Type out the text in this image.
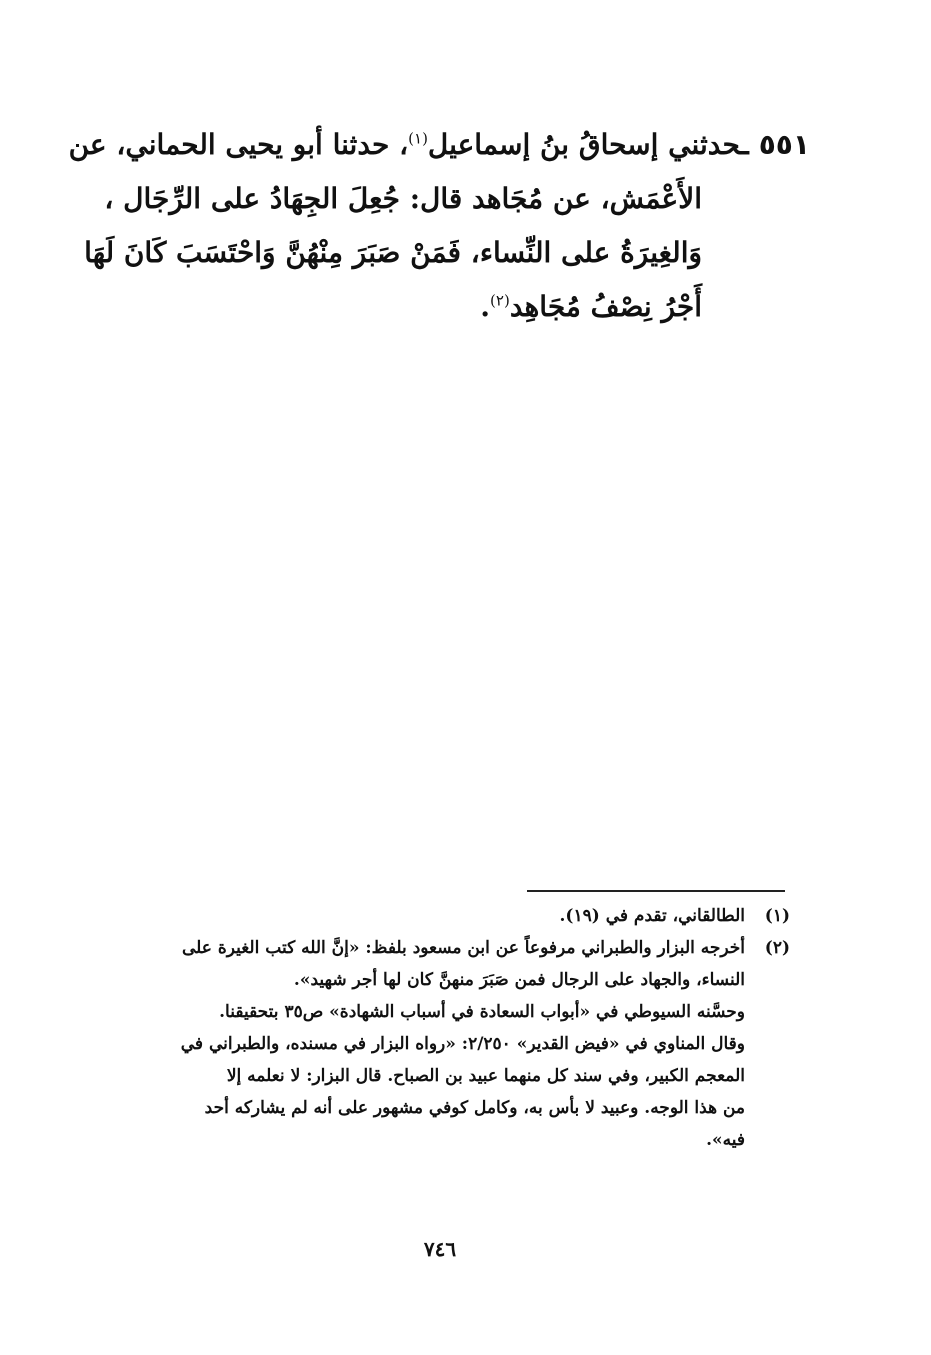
٥٥١ـحدثني إسحاقُ بنُ إسماعيل$^{(١)}$، حدثنا أبو يحيى الحماني، عن
الأَعْمَش، عن مُجَاهد قال: جُعِلَ الجِهَادُ على الرِّجَال ،
وَالغِيرَةُ على النِّساء، فَمَنْ صَبَرَ مِنْهُنَّ وَاحْتَسَبَ كَانَ لَهَا
أَجْرُ نِصْفُ مُجَاهِد$^{(٢)}$.

(١)
الطالقاني، تقدم في (١٩).
(٢)
أخرجه البزار والطبراني مرفوعاً عن ابن مسعود بلفظ: «إنَّ الله كتب الغيرة على
النساء، والجهاد على الرجال فمن صَبَرَ منهنَّ كان لها أجر شهيد».
وحسَّنه السيوطي في «أبواب السعادة في أسباب الشهادة» ص٣٥ بتحقيقنا.
وقال المناوي في «فيض القدير» ٢/٢٥٠: «رواه البزار في مسنده، والطبراني في
المعجم الكبير، وفي سند كل منهما عبيد بن الصباح. قال البزار: لا نعلمه إلا
من هذا الوجه. وعبيد لا بأس به، وكامل كوفي مشهور على أنه لم يشاركه أحد
فيه».
٧٤٦
